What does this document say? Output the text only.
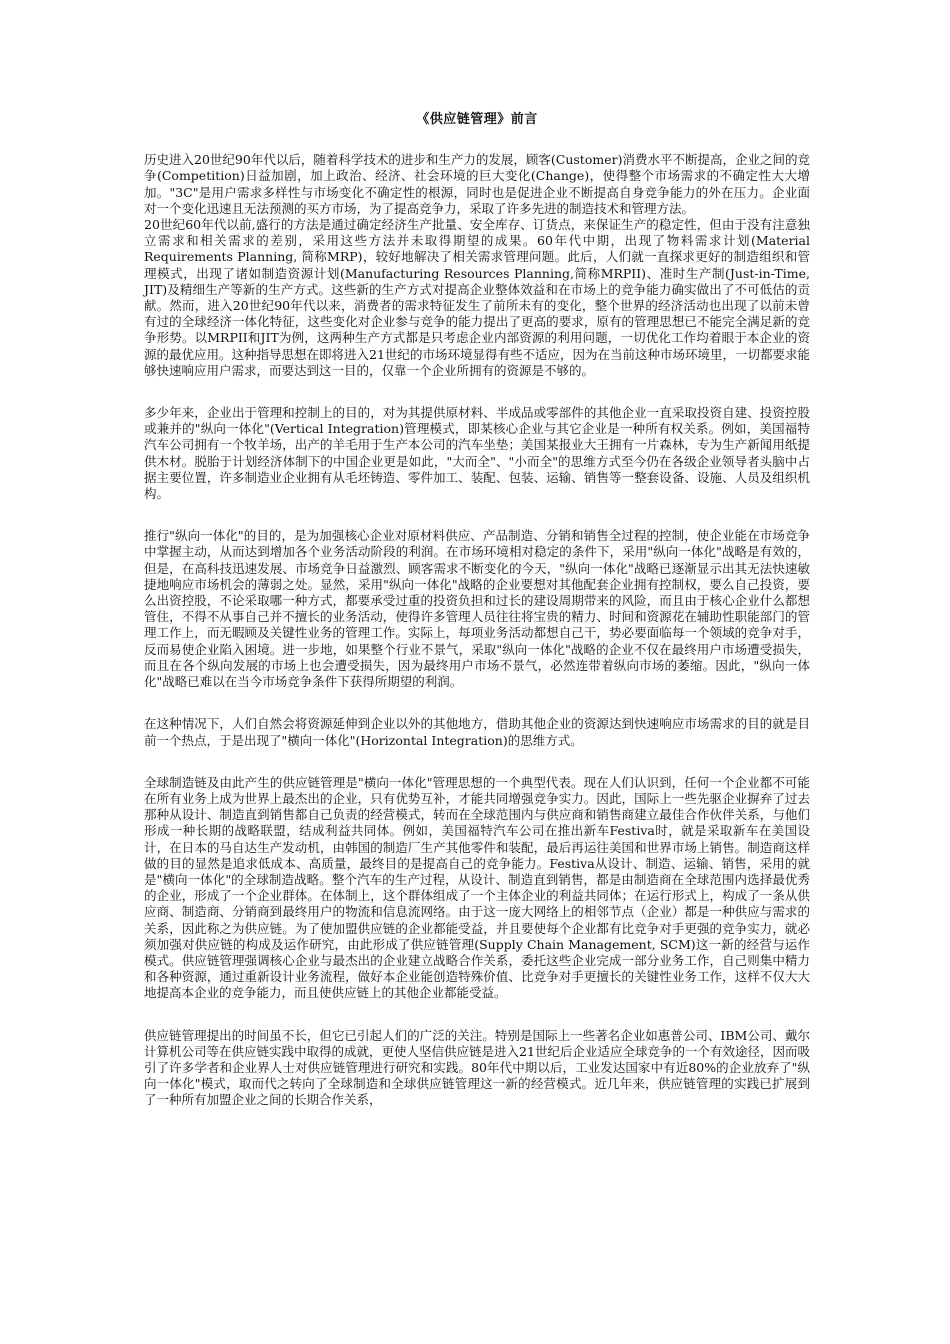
《供应链管理》前言

历史进入20世纪90年代以后，随着科学技术的进步和生产力的发展，顾客(Customer)消费水平不断提高，企业之间的竞争(Competition)日益加剧，加上政治、经济、社会环境的巨大变化(Change)，使得整个市场需求的不确定性大大增加。"3C"是用户需求多样性与市场变化不确定性的根源，同时也是促进企业不断提高自身竞争能力的外在压力。企业面对一个变化迅速且无法预测的买方市场，为了提高竞争力，采取了许多先进的制造技术和管理方法。

20世纪60年代以前,盛行的方法是通过确定经济生产批量、安全库存、订货点，来保证生产的稳定性，但由于没有注意独立需求和相关需求的差别，采用这些方法并未取得期望的成果。60年代中期，出现了物料需求计划(Material Requirements Planning, 简称MRP)，较好地解决了相关需求管理问题。此后，人们就一直探求更好的制造组织和管理模式，出现了诸如制造资源计划(Manufacturing Resources Planning,简称MRPII)、准时生产制(Just-in-Time, JIT)及精细生产等新的生产方式。这些新的生产方式对提高企业整体效益和在市场上的竞争能力确实做出了不可低估的贡献。然而，进入20世纪90年代以来，消费者的需求特征发生了前所未有的变化，整个世界的经济活动也出现了以前未曾有过的全球经济一体化特征，这些变化对企业参与竞争的能力提出了更高的要求，原有的管理思想已不能完全满足新的竞争形势。以MRPII和JIT为例，这两种生产方式都是只考虑企业内部资源的利用问题，一切优化工作均着眼于本企业的资源的最优应用。这种指导思想在即将进入21世纪的市场环境显得有些不适应，因为在当前这种市场环境里，一切都要求能够快速响应用户需求，而要达到这一目的，仅靠一个企业所拥有的资源是不够的。

多少年来，企业出于管理和控制上的目的，对为其提供原材料、半成品或零部件的其他企业一直采取投资自建、投资控股或兼并的"纵向一体化"(Vertical Integration)管理模式，即某核心企业与其它企业是一种所有权关系。例如，美国福特汽车公司拥有一个牧羊场，出产的羊毛用于生产本公司的汽车坐垫；美国某报业大王拥有一片森林，专为生产新闻用纸提供木材。脱胎于计划经济体制下的中国企业更是如此，"大而全"、"小而全"的思维方式至今仍在各级企业领导者头脑中占据主要位置，许多制造业企业拥有从毛坯铸造、零件加工、装配、包装、运输、销售等一整套设备、设施、人员及组织机构。

推行"纵向一体化"的目的，是为加强核心企业对原材料供应、产品制造、分销和销售全过程的控制，使企业能在市场竞争中掌握主动，从而达到增加各个业务活动阶段的利润。在市场环境相对稳定的条件下，采用"纵向一体化"战略是有效的，但是，在高科技迅速发展、市场竞争日益激烈、顾客需求不断变化的今天，"纵向一体化"战略已逐渐显示出其无法快速敏捷地响应市场机会的薄弱之处。显然，采用"纵向一体化"战略的企业要想对其他配套企业拥有控制权，要么自己投资，要么出资控股，不论采取哪一种方式，都要承受过重的投资负担和过长的建设周期带来的风险，而且由于核心企业什么都想管住，不得不从事自己并不擅长的业务活动，使得许多管理人员往往将宝贵的精力、时间和资源花在辅助性职能部门的管理工作上，而无暇顾及关键性业务的管理工作。实际上，每项业务活动都想自己干，势必要面临每一个领域的竞争对手，反而易使企业陷入困境。进一步地，如果整个行业不景气，采取"纵向一体化"战略的企业不仅在最终用户市场遭受损失，而且在各个纵向发展的市场上也会遭受损失，因为最终用户市场不景气，必然连带着纵向市场的萎缩。因此，"纵向一体化"战略已难以在当今市场竞争条件下获得所期望的利润。

在这种情况下，人们自然会将资源延伸到企业以外的其他地方，借助其他企业的资源达到快速响应市场需求的目的就是目前一个热点，于是出现了"横向一体化"(Horizontal Integration)的思维方式。

全球制造链及由此产生的供应链管理是"横向一体化"管理思想的一个典型代表。现在人们认识到，任何一个企业都不可能在所有业务上成为世界上最杰出的企业，只有优势互补，才能共同增强竞争实力。因此，国际上一些先驱企业摒弃了过去那种从设计、制造直到销售都自己负责的经营模式，转而在全球范围内与供应商和销售商建立最佳合作伙伴关系，与他们形成一种长期的战略联盟，结成利益共同体。例如，美国福特汽车公司在推出新车Festiva时，就是采取新车在美国设计，在日本的马自达生产发动机，由韩国的制造厂生产其他零件和装配，最后再运往美国和世界市场上销售。制造商这样做的目的显然是追求低成本、高质量，最终目的是提高自己的竞争能力。Festiva从设计、制造、运输、销售，采用的就是"横向一体化"的全球制造战略。整个汽车的生产过程，从设计、制造直到销售，都是由制造商在全球范围内选择最优秀的企业，形成了一个企业群体。在体制上，这个群体组成了一个主体企业的利益共同体；在运行形式上，构成了一条从供应商、制造商、分销商到最终用户的物流和信息流网络。由于这一庞大网络上的相邻节点（企业）都是一种供应与需求的关系，因此称之为供应链。为了使加盟供应链的企业都能受益，并且要使每个企业都有比竞争对手更强的竞争实力，就必须加强对供应链的构成及运作研究，由此形成了供应链管理(Supply Chain Management, SCM)这一新的经营与运作模式。供应链管理强调核心企业与最杰出的企业建立战略合作关系，委托这些企业完成一部分业务工作，自己则集中精力和各种资源，通过重新设计业务流程，做好本企业能创造特殊价值、比竞争对手更擅长的关键性业务工作，这样不仅大大地提高本企业的竞争能力，而且使供应链上的其他企业都能受益。

供应链管理提出的时间虽不长，但它已引起人们的广泛的关注。特别是国际上一些著名企业如惠普公司、IBM公司、戴尔计算机公司等在供应链实践中取得的成就，更使人坚信供应链是进入21世纪后企业适应全球竞争的一个有效途径，因而吸引了许多学者和企业界人士对供应链管理进行研究和实践。80年代中期以后，工业发达国家中有近80%的企业放弃了"纵向一体化"模式，取而代之转向了全球制造和全球供应链管理这一新的经营模式。近几年来，供应链管理的实践已扩展到了一种所有加盟企业之间的长期合作关系，
